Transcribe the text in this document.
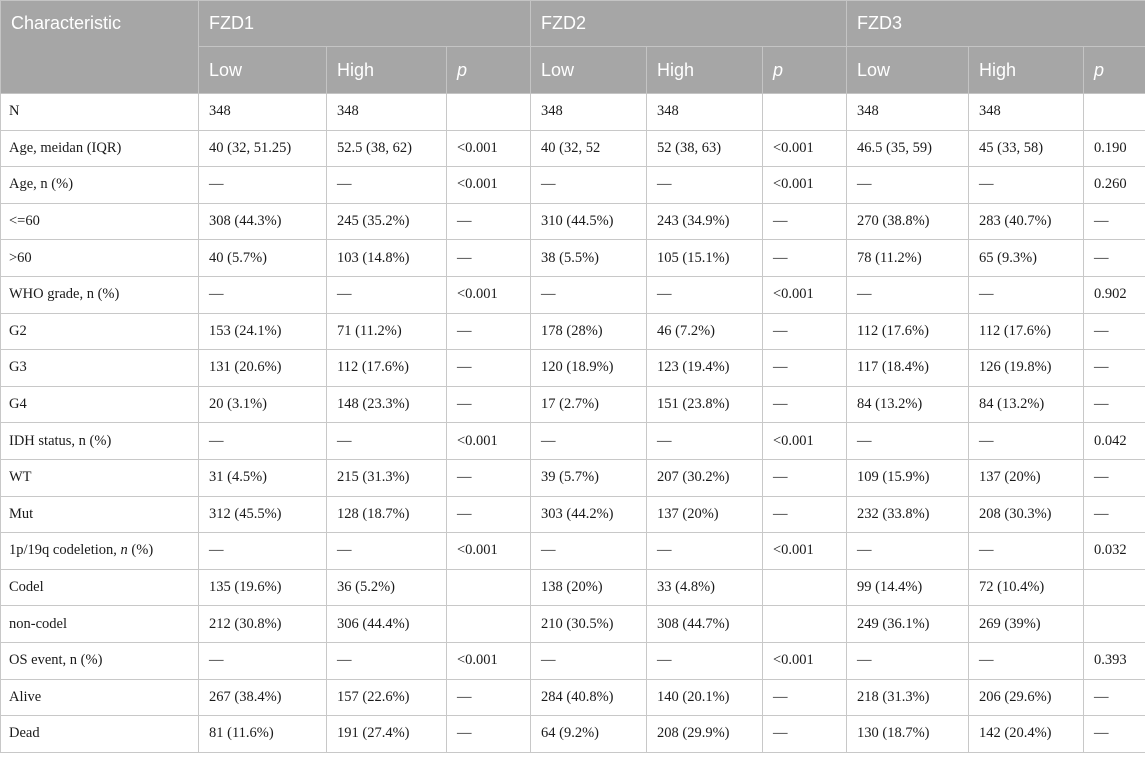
Characteristic	FZD1			FZD2			FZD3		
	Low	High	p	Low	High	p	Low	High	p
N	348	348		348	348		348	348	
Age, meidan (IQR)	40 (32, 51.25)	52.5 (38, 62)	<0.001	40 (32, 52	52 (38, 63)	<0.001	46.5 (35, 59)	45 (33, 58)	0.190
Age, n (%)	—	—	<0.001	—	—	<0.001	—	—	0.260
<=60	308 (44.3%)	245 (35.2%)	—	310 (44.5%)	243 (34.9%)	—	270 (38.8%)	283 (40.7%)	—
>60	40 (5.7%)	103 (14.8%)	—	38 (5.5%)	105 (15.1%)	—	78 (11.2%)	65 (9.3%)	—
WHO grade, n (%)	—	—	<0.001	—	—	<0.001	—	—	0.902
G2	153 (24.1%)	71 (11.2%)	—	178 (28%)	46 (7.2%)	—	112 (17.6%)	112 (17.6%)	—
G3	131 (20.6%)	112 (17.6%)	—	120 (18.9%)	123 (19.4%)	—	117 (18.4%)	126 (19.8%)	—
G4	20 (3.1%)	148 (23.3%)	—	17 (2.7%)	151 (23.8%)	—	84 (13.2%)	84 (13.2%)	—
IDH status, n (%)	—	—	<0.001	—	—	<0.001	—	—	0.042
WT	31 (4.5%)	215 (31.3%)	—	39 (5.7%)	207 (30.2%)	—	109 (15.9%)	137 (20%)	—
Mut	312 (45.5%)	128 (18.7%)	—	303 (44.2%)	137 (20%)	—	232 (33.8%)	208 (30.3%)	—
1p/19q codeletion, n (%)	—	—	<0.001	—	—	<0.001	—	—	0.032
Codel	135 (19.6%)	36 (5.2%)		138 (20%)	33 (4.8%)		99 (14.4%)	72 (10.4%)	
non-codel	212 (30.8%)	306 (44.4%)		210 (30.5%)	308 (44.7%)		249 (36.1%)	269 (39%)	
OS event, n (%)	—	—	<0.001	—	—	<0.001	—	—	0.393
Alive	267 (38.4%)	157 (22.6%)	—	284 (40.8%)	140 (20.1%)	—	218 (31.3%)	206 (29.6%)	—
Dead	81 (11.6%)	191 (27.4%)	—	64 (9.2%)	208 (29.9%)	—	130 (18.7%)	142 (20.4%)	—
